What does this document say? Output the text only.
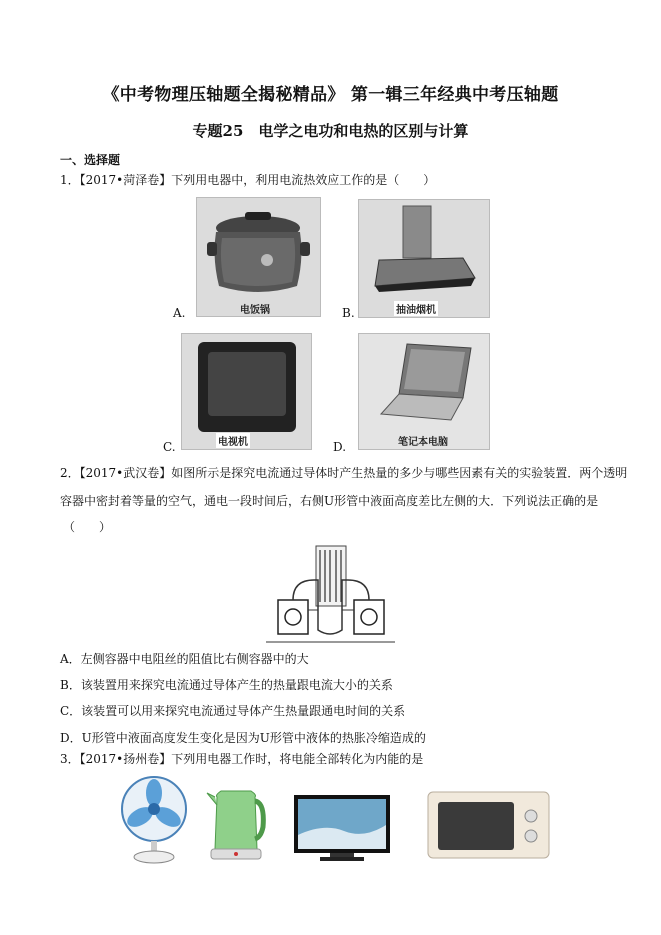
《中考物理压轴题全揭秘精品》 第一辑三年经典中考压轴题
专题25　电学之电功和电热的区别与计算
一、选择题
1．【2017•菏泽卷】下列用电器中，利用电流热效应工作的是（　　）
电饭锅
A.	抽油烟机
B.
电视机
C.	笔记本电脑
D.
2．【2017•武汉卷】如图所示是探究电流通过导体时产生热量的多少与哪些因素有关的实验装置．两个透明
容器中密封着等量的空气，通电一段时间后，右侧U形管中液面高度差比左侧的大．下列说法正确的是
（　　）
A．左侧容器中电阻丝的阻值比右侧容器中的大
B．该装置用来探究电流通过导体产生的热量跟电流大小的关系
C．该装置可以用来探究电流通过导体产生热量跟通电时间的关系
D．U形管中液面高度发生变化是因为U形管中液体的热胀冷缩造成的
3．【2017•扬州卷】下列用电器工作时，将电能全部转化为内能的是
